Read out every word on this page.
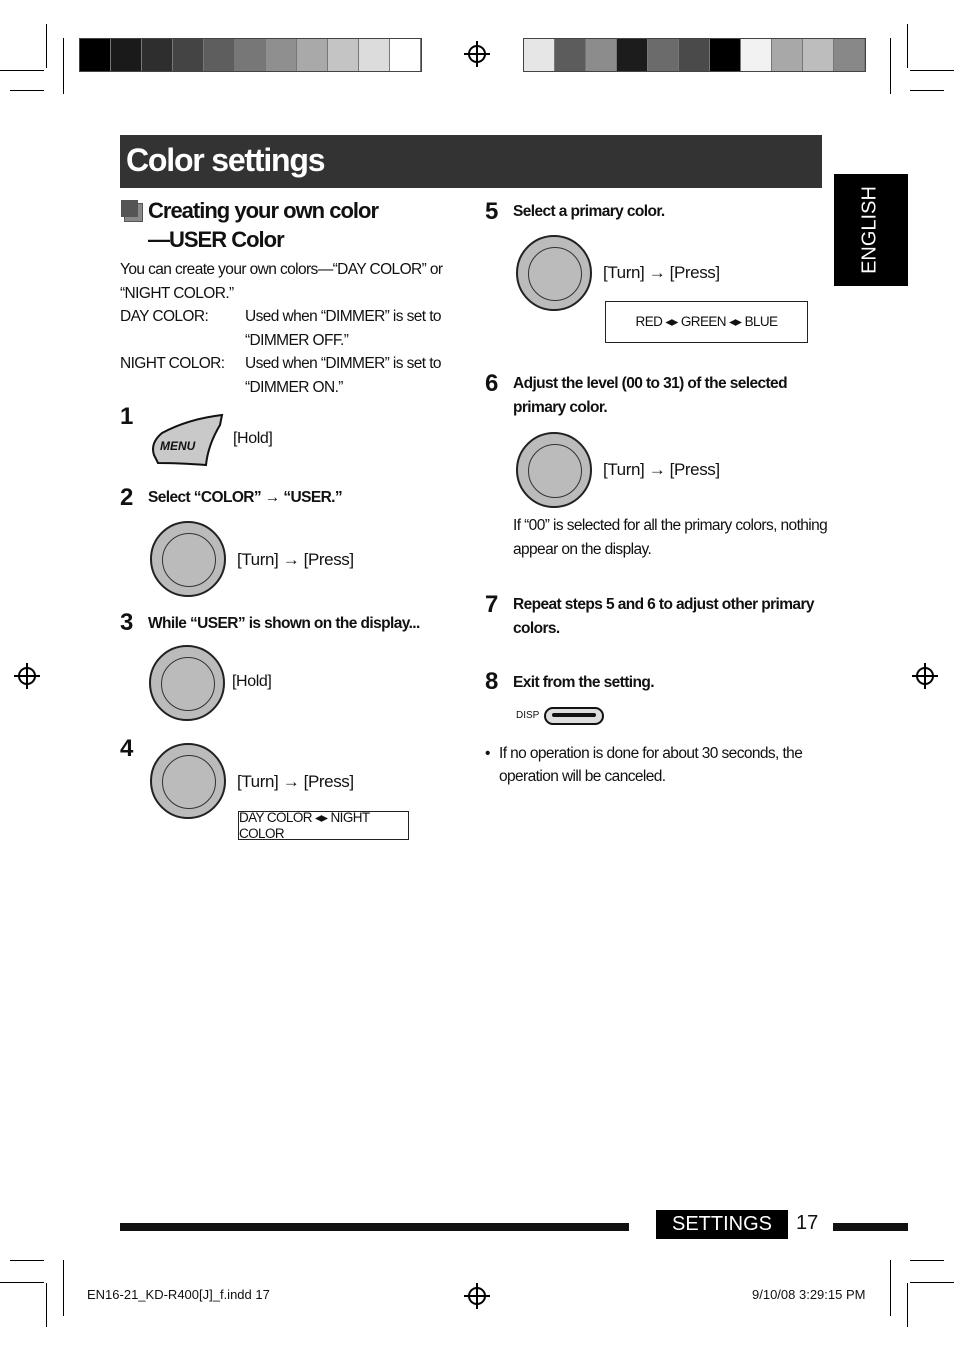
Color settings
ENGLISH
Creating your own color
—USER Color
You can create your own colors—“DAY COLOR” or
“NIGHT COLOR.”
DAY COLOR: Used when “DIMMER” is set to
“DIMMER OFF.”
NIGHT COLOR: Used when “DIMMER” is set to
“DIMMER ON.”
1
MENU [Hold]
2 Select “COLOR” → “USER.”
[Turn] → [Press]
3 While “USER” is shown on the display...
[Hold]
4
[Turn] → [Press]
DAY COLOR ◂▸ NIGHT COLOR
5 Select a primary color.
[Turn] → [Press]
RED ◂▸ GREEN ◂▸ BLUE
6 Adjust the level (00 to 31) of the selected
primary color.
[Turn] → [Press]
If “00” is selected for all the primary colors, nothing
appear on the display.
7 Repeat steps 5 and 6 to adjust other primary
colors.
8 Exit from the setting.
DISP
• If no operation is done for about 30 seconds, the
operation will be canceled.
SETTINGS	17
EN16-21_KD-R400[J]_f.indd 17	9/10/08 3:29:15 PM
